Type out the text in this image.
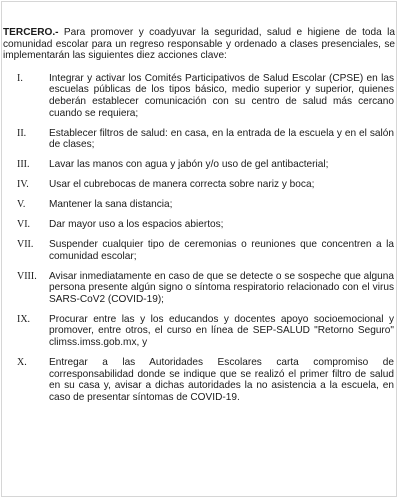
TERCERO.- Para promover y coadyuvar la seguridad, salud e higiene de toda la comunidad escolar para un regreso responsable y ordenado a clases presenciales, se implementarán las siguientes diez acciones clave:

I.	Integrar y activar los Comités Participativos de Salud Escolar (CPSE) en las escuelas públicas de los tipos básico, medio superior y superior, quienes deberán establecer comunicación con su centro de salud más cercano cuando se requiera;
II.	Establecer filtros de salud: en casa, en la entrada de la escuela y en el salón de clases;
III.	Lavar las manos con agua y jabón y/o uso de gel antibacterial;
IV.	Usar el cubrebocas de manera correcta sobre nariz y boca;
V.	Mantener la sana distancia;
VI.	Dar mayor uso a los espacios abiertos;
VII.	Suspender cualquier tipo de ceremonias o reuniones que concentren a la comunidad escolar;
VIII.	Avisar inmediatamente en caso de que se detecte o se sospeche que alguna persona presente algún signo o síntoma respiratorio relacionado con el virus SARS-CoV2 (COVID-19);
IX.	Procurar entre las y los educandos y docentes apoyo socioemocional y promover, entre otros, el curso en línea de SEP-SALUD "Retorno Seguro" climss.imss.gob.mx, y
X.	Entregar a las Autoridades Escolares carta compromiso de corresponsabilidad donde se indique que se realizó el primer filtro de salud en su casa y, avisar a dichas autoridades la no asistencia a la escuela, en caso de presentar síntomas de COVID-19.
